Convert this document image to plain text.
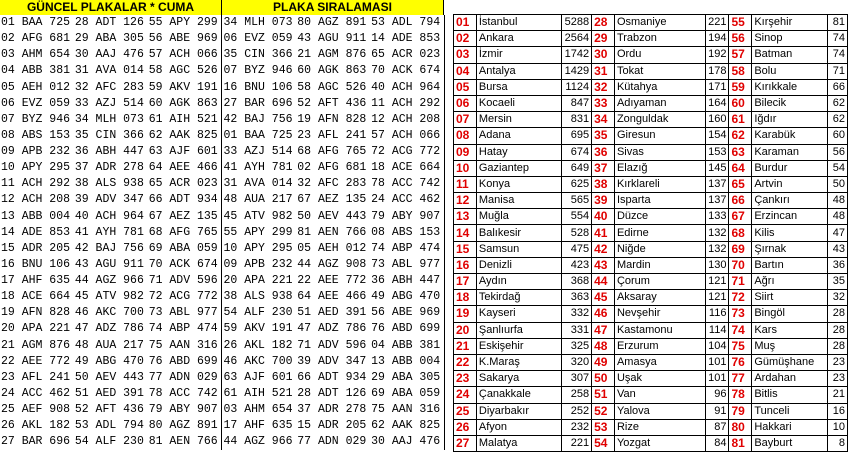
GÜNCEL PLAKALAR * CUMA	PLAKA SIRALAMASI
01 BAA 725	28 ADT 126	55 APY 299	34 MLH 073	80 AGZ 891	53 ADL 794
02 AFG 681	29 ABA 305	56 ABE 969	06 EVZ 059	43 AGU 911	14 ADE 853
03 AHM 654	30 AAJ 476	57 ACH 066	35 CIN 366	21 AGM 876	65 ACR 023
04 ABB 381	31 AVA 014	58 AGC 526	07 BYZ 946	60 AGK 863	70 ACK 674
05 AEH 012	32 AFC 283	59 AKV 191	16 BNU 106	58 AGC 526	40 ACH 964
06 EVZ 059	33 AZJ 514	60 AGK 863	27 BAR 696	52 AFT 436	11 ACH 292
07 BYZ 946	34 MLH 073	61 AIH 521	42 BAJ 756	19 AFN 828	12 ACH 208
08 ABS 153	35 CIN 366	62 AAK 825	01 BAA 725	23 AFL 241	57 ACH 066
09 APB 232	36 ABH 447	63 AJF 601	33 AZJ 514	68 AFG 765	72 ACG 772
10 APY 295	37 ADR 278	64 AEE 466	41 AYH 781	02 AFG 681	18 ACE 664
11 ACH 292	38 ALS 938	65 ACR 023	31 AVA 014	32 AFC 283	78 ACC 742
12 ACH 208	39 ADV 347	66 ADT 934	48 AUA 217	67 AEZ 135	24 ACC 462
13 ABB 004	40 ACH 964	67 AEZ 135	45 ATV 982	50 AEV 443	79 ABY 907
14 ADE 853	41 AYH 781	68 AFG 765	55 APY 299	81 AEN 766	08 ABS 153
15 ADR 205	42 BAJ 756	69 ABA 059	10 APY 295	05 AEH 012	74 ABP 474
16 BNU 106	43 AGU 911	70 ACK 674	09 APB 232	44 AGZ 908	73 ABL 977
17 AHF 635	44 AGZ 966	71 ADV 596	20 APA 221	22 AEE 772	36 ABH 447
18 ACE 664	45 ATV 982	72 ACG 772	38 ALS 938	64 AEE 466	49 ABG 470
19 AFN 828	46 AKC 700	73 ABL 977	54 ALF 230	51 AED 391	56 ABE 969
20 APA 221	47 ADZ 786	74 ABP 474	59 AKV 191	47 ADZ 786	76 ABD 699
21 AGM 876	48 AUA 217	75 AAN 316	26 AKL 182	71 ADV 596	04 ABB 381
22 AEE 772	49 ABG 470	76 ABD 699	46 AKC 700	39 ADV 347	13 ABB 004
23 AFL 241	50 AEV 443	77 ADN 029	63 AJF 601	66 ADT 934	29 ABA 305
24 ACC 462	51 AED 391	78 ACC 742	61 AIH 521	28 ADT 126	69 ABA 059
25 AEF 908	52 AFT 436	79 ABY 907	03 AHM 654	37 ADR 278	75 AAN 316
26 AKL 182	53 ADL 794	80 AGZ 891	17 AHF 635	15 ADR 205	62 AAK 825
27 BAR 696	54 ALF 230	81 AEN 766	44 AGZ 966	77 ADN 029	30 AAJ 476
01	İstanbul	5288	28	Osmaniye	221	55	Kırşehir	81
02	Ankara	2564	29	Trabzon	194	56	Sinop	74
03	İzmir	1742	30	Ordu	192	57	Batman	74
04	Antalya	1429	31	Tokat	178	58	Bolu	71
05	Bursa	1124	32	Kütahya	171	59	Kırıkkale	66
06	Kocaeli	847	33	Adıyaman	164	60	Bilecik	62
07	Mersin	831	34	Zonguldak	160	61	Iğdır	62
08	Adana	695	35	Giresun	154	62	Karabük	60
09	Hatay	674	36	Sivas	153	63	Karaman	56
10	Gaziantep	649	37	Elazığ	145	64	Burdur	54
11	Konya	625	38	Kırklareli	137	65	Artvin	50
12	Manisa	565	39	Isparta	137	66	Çankırı	48
13	Muğla	554	40	Düzce	133	67	Erzincan	48
14	Balıkesir	528	41	Edirne	132	68	Kilis	47
15	Samsun	475	42	Niğde	132	69	Şırnak	43
16	Denizli	423	43	Mardin	130	70	Bartın	36
17	Aydın	368	44	Çorum	121	71	Ağrı	35
18	Tekirdağ	363	45	Aksaray	121	72	Siirt	32
19	Kayseri	332	46	Nevşehir	116	73	Bingöl	28
20	Şanlıurfa	331	47	Kastamonu	114	74	Kars	28
21	Eskişehir	325	48	Erzurum	104	75	Muş	28
22	K.Maraş	320	49	Amasya	101	76	Gümüşhane	23
23	Sakarya	307	50	Uşak	101	77	Ardahan	23
24	Çanakkale	258	51	Van	96	78	Bitlis	21
25	Diyarbakır	252	52	Yalova	91	79	Tunceli	16
26	Afyon	232	53	Rize	87	80	Hakkari	10
27	Malatya	221	54	Yozgat	84	81	Bayburt	8
